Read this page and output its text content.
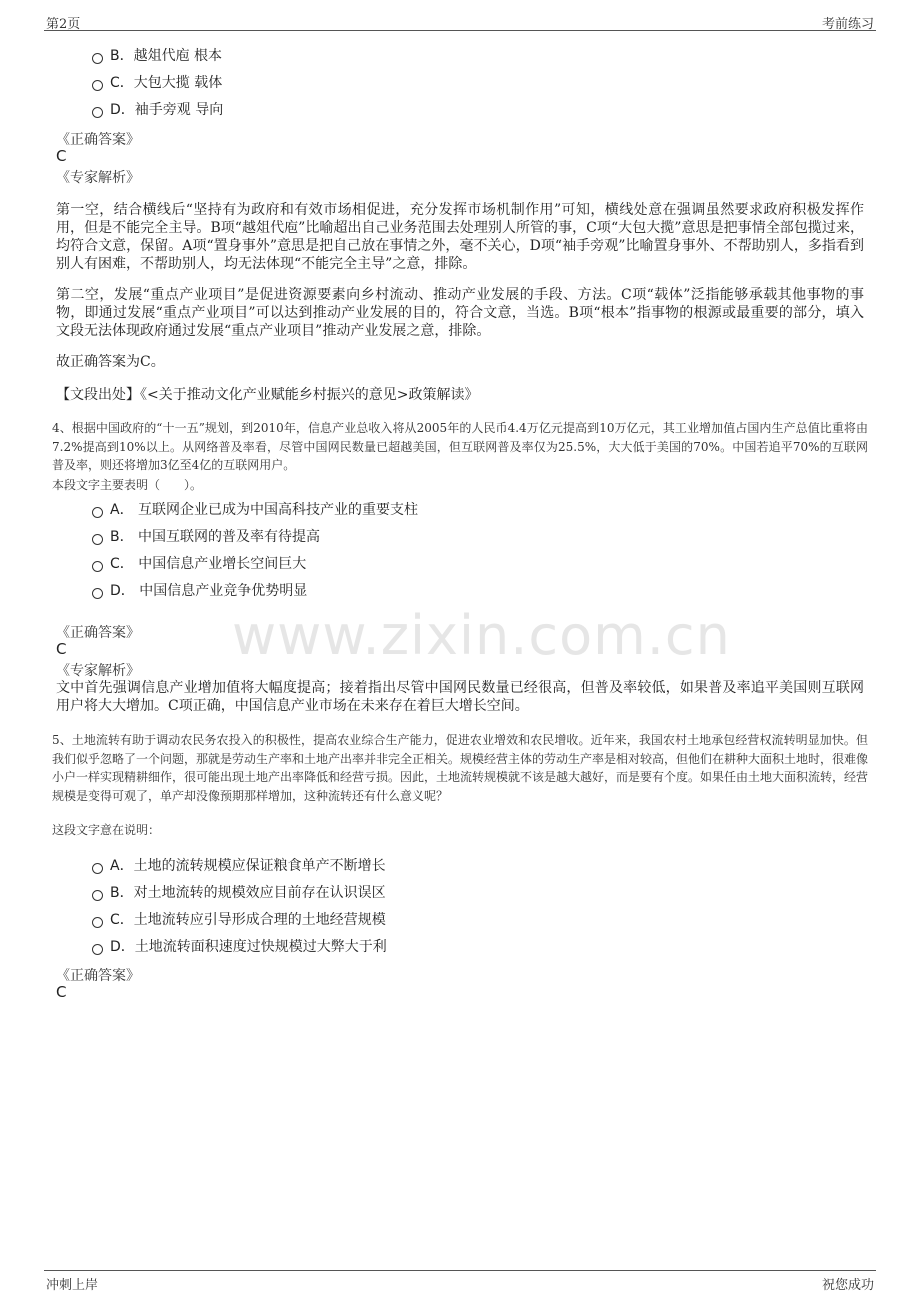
第2页	考前练习
www.zixin.com.cn
B．越俎代庖 根本
C．大包大揽 载体
D．袖手旁观 导向
《正确答案》
C
《专家解析》
第一空，结合横线后“坚持有为政府和有效市场相促进，充分发挥市场机制作用”可知，横线处意在强调虽然要求政府积极发挥作用，但是不能完全主导。B项“越俎代庖”比喻超出自己业务范围去处理别人所管的事，C项“大包大揽”意思是把事情全部包揽过来，均符合文意，保留。A项“置身事外”意思是把自己放在事情之外，毫不关心，D项“袖手旁观”比喻置身事外、不帮助别人，多指看到别人有困难，不帮助别人，均无法体现“不能完全主导”之意，排除。
第二空，发展“重点产业项目”是促进资源要素向乡村流动、推动产业发展的手段、方法。C项“载体”泛指能够承载其他事物的事物，即通过发展“重点产业项目”可以达到推动产业发展的目的，符合文意，当选。B项“根本”指事物的根源或最重要的部分，填入文段无法体现政府通过发展“重点产业项目”推动产业发展之意，排除。
故正确答案为C。
【文段出处】《<关于推动文化产业赋能乡村振兴的意见>政策解读》
4、根据中国政府的“十一五”规划，到2010年，信息产业总收入将从2005年的人民币4.4万亿元提高到10万亿元，其工业增加值占国内生产总值比重将由7.2%提高到10%以上。从网络普及率看，尽管中国网民数量已超越美国，但互联网普及率仅为25.5%，大大低于美国的70%。中国若追平70%的互联网普及率，则还将增加3亿至4亿的互联网用户。
本段文字主要表明（　　）。
A． 互联网企业已成为中国高科技产业的重要支柱
B． 中国互联网的普及率有待提高
C． 中国信息产业增长空间巨大
D． 中国信息产业竞争优势明显
《正确答案》
C
《专家解析》
文中首先强调信息产业增加值将大幅度提高；接着指出尽管中国网民数量已经很高，但普及率较低，如果普及率追平美国则互联网用户将大大增加。C项正确，中国信息产业市场在未来存在着巨大增长空间。
5、土地流转有助于调动农民务农投入的积极性，提高农业综合生产能力，促进农业增效和农民增收。近年来，我国农村土地承包经营权流转明显加快。但我们似乎忽略了一个问题，那就是劳动生产率和土地产出率并非完全正相关。规模经营主体的劳动生产率是相对较高，但他们在耕种大面积土地时，很难像小户一样实现精耕细作，很可能出现土地产出率降低和经营亏损。因此，土地流转规模就不该是越大越好，而是要有个度。如果任由土地大面积流转，经营规模是变得可观了，单产却没像预期那样增加，这种流转还有什么意义呢？
这段文字意在说明：
A．土地的流转规模应保证粮食单产不断增长
B．对土地流转的规模效应目前存在认识误区
C．土地流转应引导形成合理的土地经营规模
D．土地流转面积速度过快规模过大弊大于利
《正确答案》
C
冲刺上岸	祝您成功
